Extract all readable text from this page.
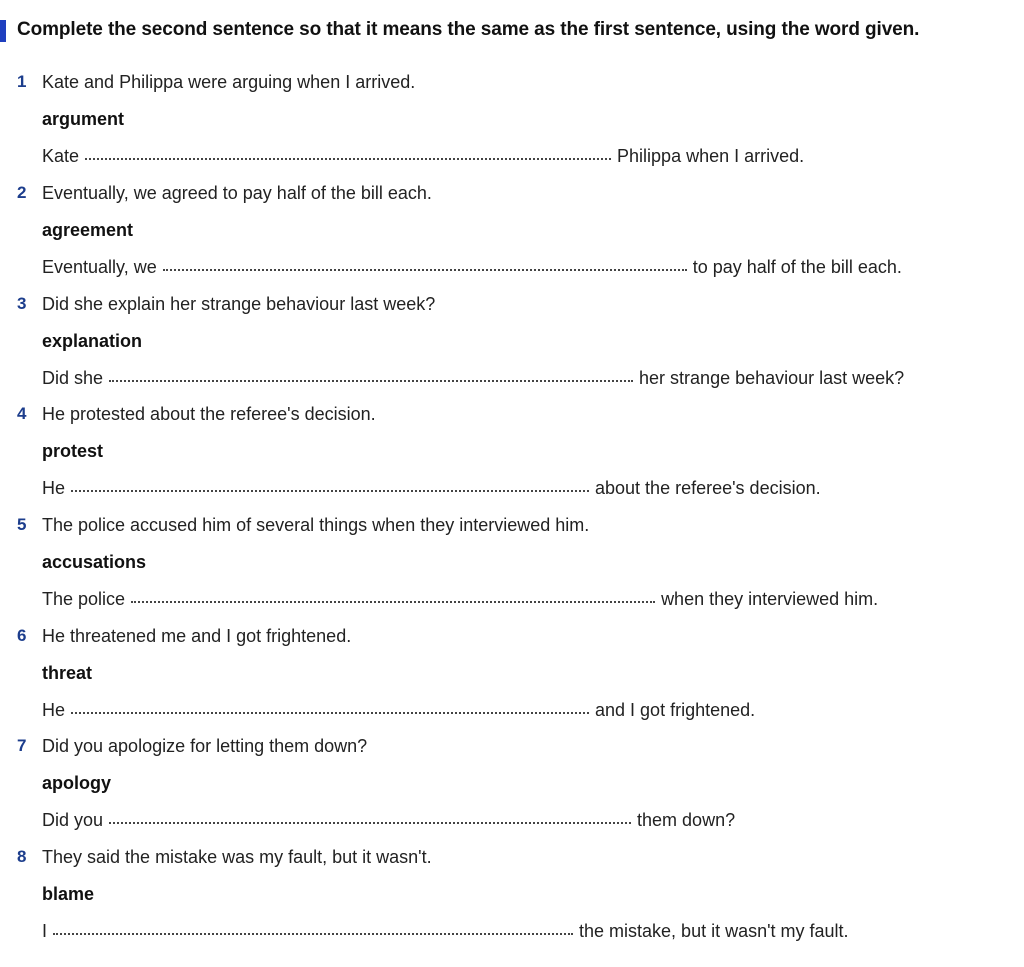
Complete the second sentence so that it means the same as the first sentence, using the word given.
1 Kate and Philippa were arguing when I arrived.
argument
Kate	Philippa when I arrived.
2 Eventually, we agreed to pay half of the bill each.
agreement
Eventually, we	to pay half of the bill each.
3 Did she explain her strange behaviour last week?
explanation
Did she	her strange behaviour last week?
4 He protested about the referee's decision.
protest
He	about the referee's decision.
5 The police accused him of several things when they interviewed him.
accusations
The police	when they interviewed him.
6 He threatened me and I got frightened.
threat
He	and I got frightened.
7 Did you apologize for letting them down?
apology
Did you	them down?
8 They said the mistake was my fault, but it wasn't.
blame
I	the mistake, but it wasn't my fault.
